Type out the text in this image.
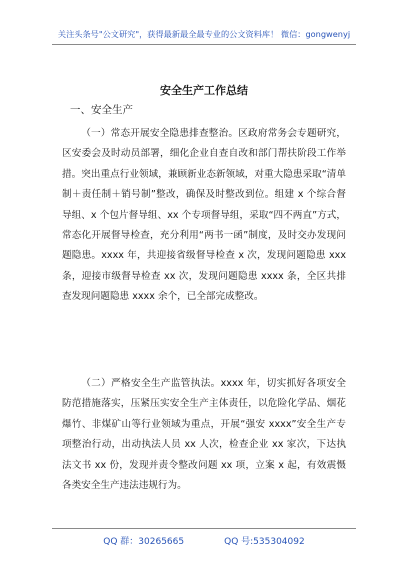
关注头条号"公文研究"，获得最新最全最专业的公文资料库！ 微信：gongwenyj
安全生产工作总结
一、安全生产

（一）常态开展安全隐患排查整治。区政府常务会专题研究，区安委会及时动员部署，细化企业自查自改和部门帮扶阶段工作举措。突出重点行业领域，兼顾新业态新领域，对重大隐患采取“清单制＋责任制＋销号制”整改，确保及时整改到位。组建 x 个综合督导组、x 个包片督导组、xx 个专项督导组，采取“四不两直”方式，常态化开展督导检查，充分利用“两书一函”制度，及时交办发现问题隐患。xxxx 年，共迎接省级督导检查 x 次，发现问题隐患 xxx 条，迎接市级督导检查 xx 次，发现问题隐患 xxxx 条，全区共排查发现问题隐患 xxxx 余个，已全部完成整改。

（二）严格安全生产监管执法。xxxx 年，切实抓好各项安全防范措施落实，压紧压实安全生产主体责任，以危险化学品、烟花爆竹、非煤矿山等行业领域为重点，开展“强安 xxxx”安全生产专项整治行动，出动执法人员 xx 人次，检查企业 xx 家次，下达执法文书 xx 份，发现并责令整改问题 xx 项，立案 x 起，有效震慑各类安全生产违法违规行为。

QQ 群：30265665	QQ 号:535304092
